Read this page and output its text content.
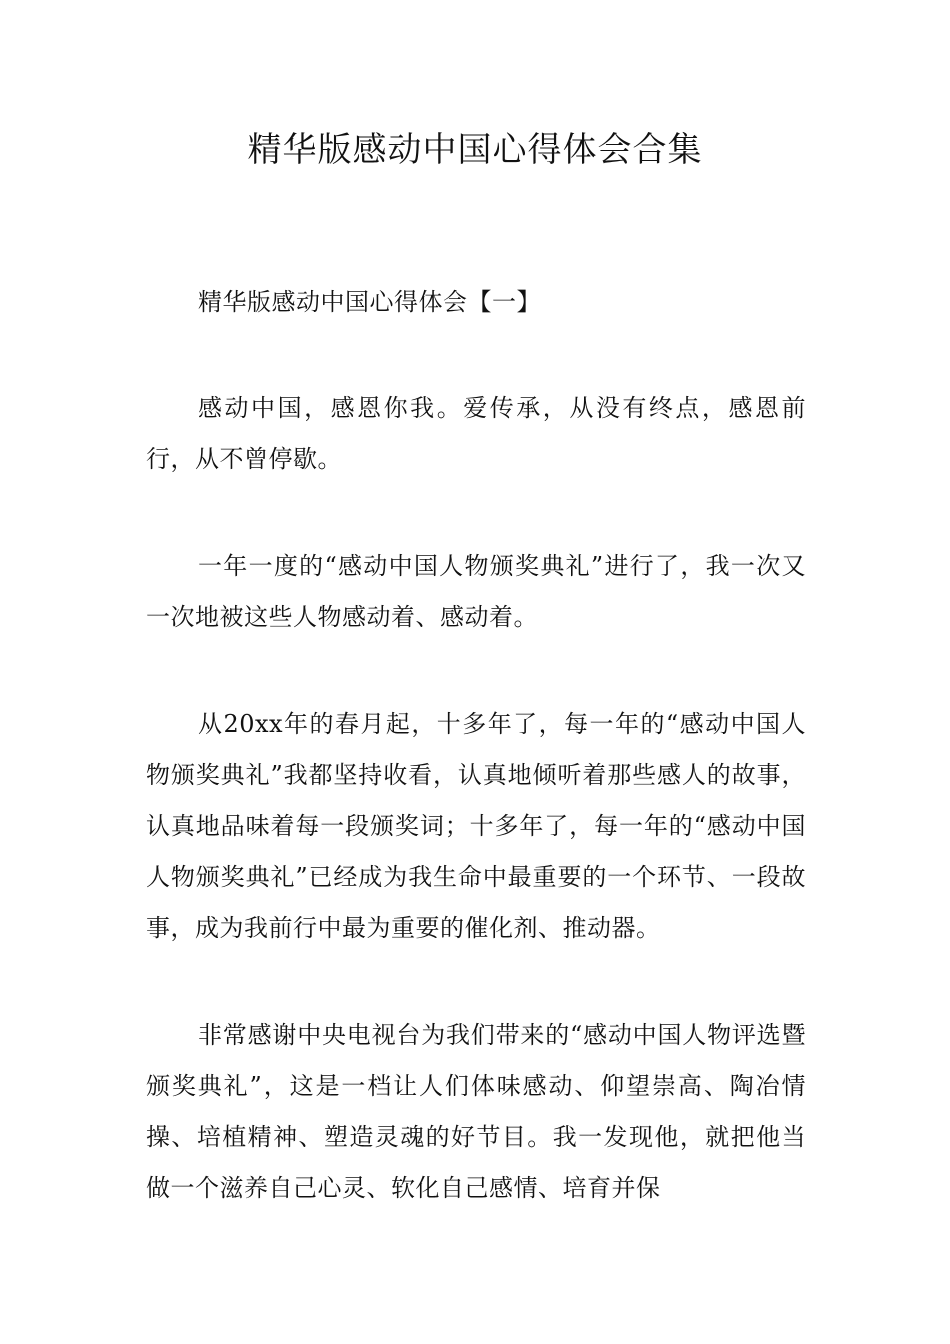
精华版感动中国心得体会合集

精华版感动中国心得体会【一】

感动中国，感恩你我。爱传承，从没有终点，感恩前行，从不曾停歇。

一年一度的“感动中国人物颁奖典礼”进行了，我一次又一次地被这些人物感动着、感动着。

从20xx年的春月起，十多年了，每一年的“感动中国人物颁奖典礼”我都坚持收看，认真地倾听着那些感人的故事，认真地品味着每一段颁奖词；十多年了，每一年的“感动中国人物颁奖典礼”已经成为我生命中最重要的一个环节、一段故事，成为我前行中最为重要的催化剂、推动器。

非常感谢中央电视台为我们带来的“感动中国人物评选暨颁奖典礼”，这是一档让人们体味感动、仰望崇高、陶冶情操、培植精神、塑造灵魂的好节目。我一发现他，就把他当做一个滋养自己心灵、软化自己感情、培育并保
